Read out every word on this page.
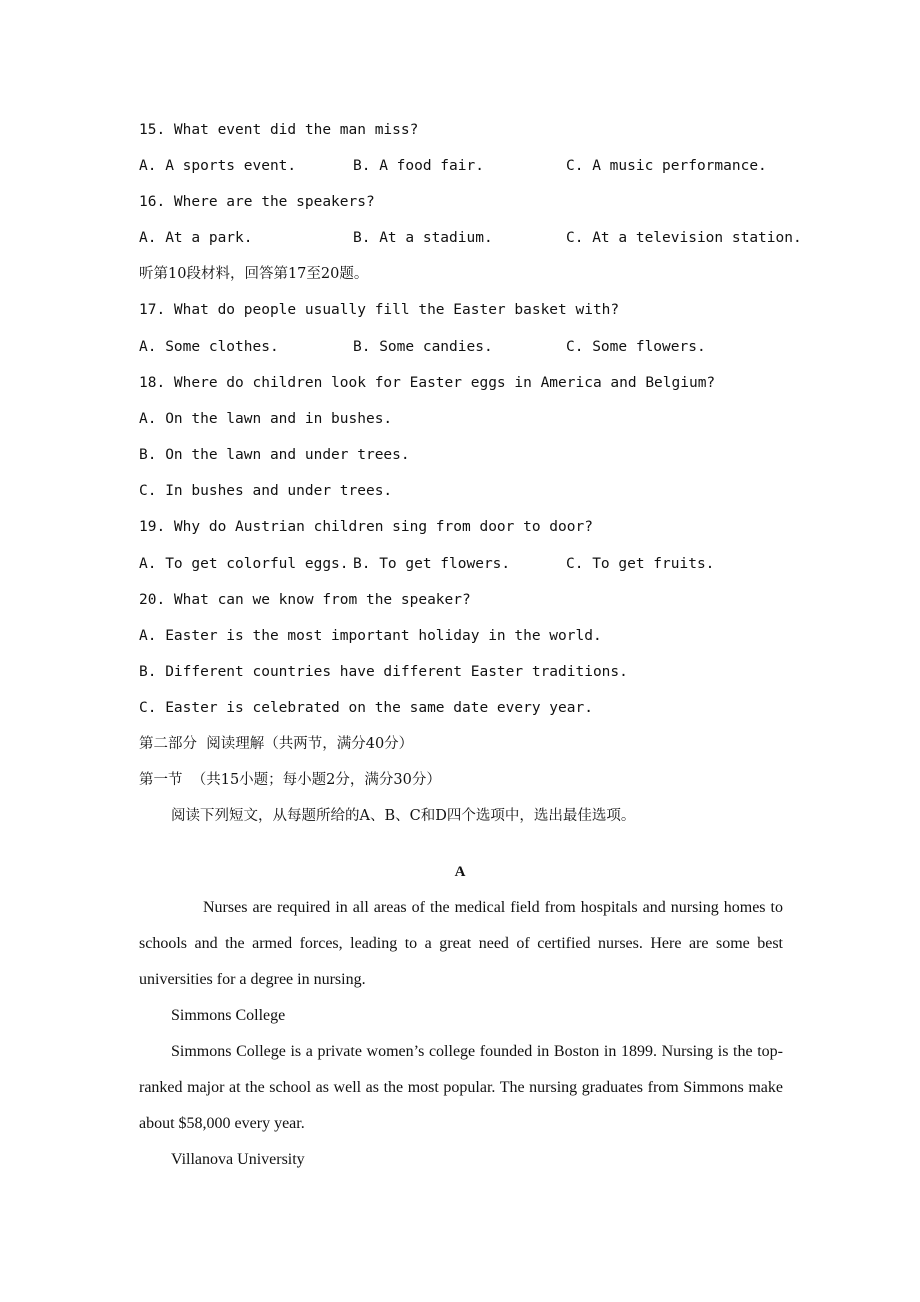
15. What event did the man miss?
A. A sports event.	B. A food fair.	C. A music performance.
16. Where are the speakers?
A. At a park.	B. At a stadium.	C. At a television station.
听第10段材料，回答第17至20题。
17. What do people usually fill the Easter basket with?
A. Some clothes.	B. Some candies.	C. Some flowers.
18. Where do children look for Easter eggs in America and Belgium?
A. On the lawn and in bushes.
B. On the lawn and under trees.
C. In bushes and under trees.
19. Why do Austrian children sing from door to door?
A. To get colorful eggs. B. To get flowers.	C. To get fruits.
20. What can we know from the speaker?
A. Easter is the most important holiday in the world.
B. Different countries have different Easter traditions.
C. Easter is celebrated on the same date every year.
第二部分  阅读理解（共两节，满分40分）
第一节  （共15小题；每小题2分，满分30分）
阅读下列短文，从每题所给的A、B、C和D四个选项中，选出最佳选项。
A
Nurses are required in all areas of the medical field from hospitals and nursing homes to schools and the armed forces, leading to a great need of certified nurses. Here are some best universities for a degree in nursing.
Simmons College
Simmons College is a private women’s college founded in Boston in 1899. Nursing is the top-ranked major at the school as well as the most popular. The nursing graduates from Simmons make about $58,000 every year.
Villanova University
